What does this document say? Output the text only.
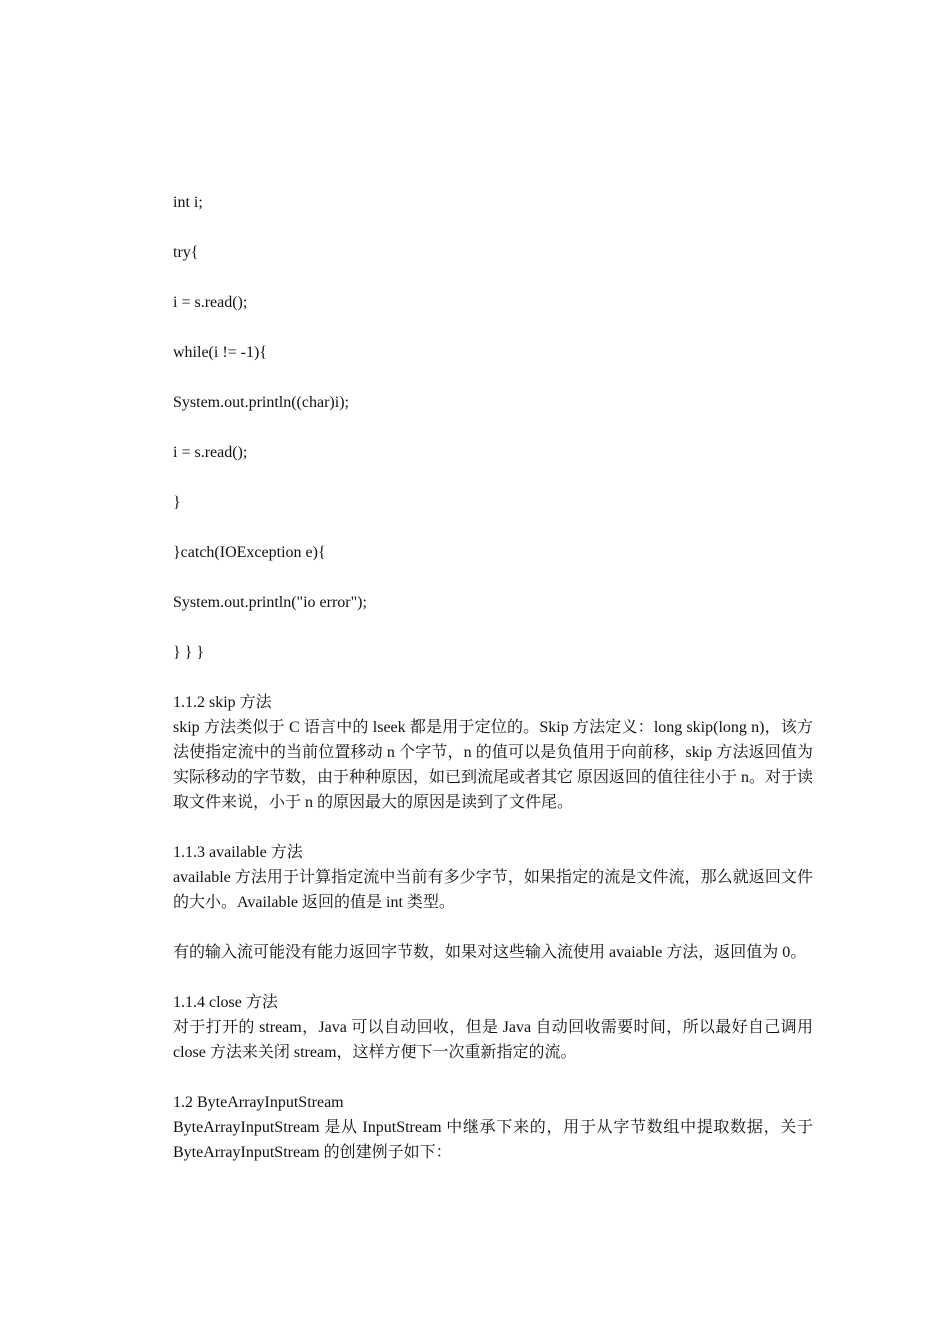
int i;

try{

i = s.read();

while(i != -1){

System.out.println((char)i);

i = s.read();

}

}catch(IOException e){

System.out.println("io error");

} } }

1.1.2 skip 方法

skip 方法类似于 C 语言中的 lseek 都是用于定位的。Skip 方法定义：long skip(long n)，该方法使指定流中的当前位置移动 n 个字节，n 的值可以是负值用于向前移，skip 方法返回值为实际移动的字节数，由于种种原因，如已到流尾或者其它 原因返回的值往往小于 n。对于读取文件来说，小于 n 的原因最大的原因是读到了文件尾。

1.1.3 available 方法

available 方法用于计算指定流中当前有多少字节，如果指定的流是文件流，那么就返回文件的大小。Available 返回的值是 int 类型。

有的输入流可能没有能力返回字节数，如果对这些输入流使用 avaiable 方法，返回值为 0。

1.1.4 close 方法

对于打开的 stream，Java 可以自动回收，但是 Java 自动回收需要时间，所以最好自己调用 close 方法来关闭 stream，这样方便下一次重新指定的流。

1.2 ByteArrayInputStream

ByteArrayInputStream 是从 InputStream 中继承下来的，用于从字节数组中提取数据，关于 ByteArrayInputStream 的创建例子如下：
